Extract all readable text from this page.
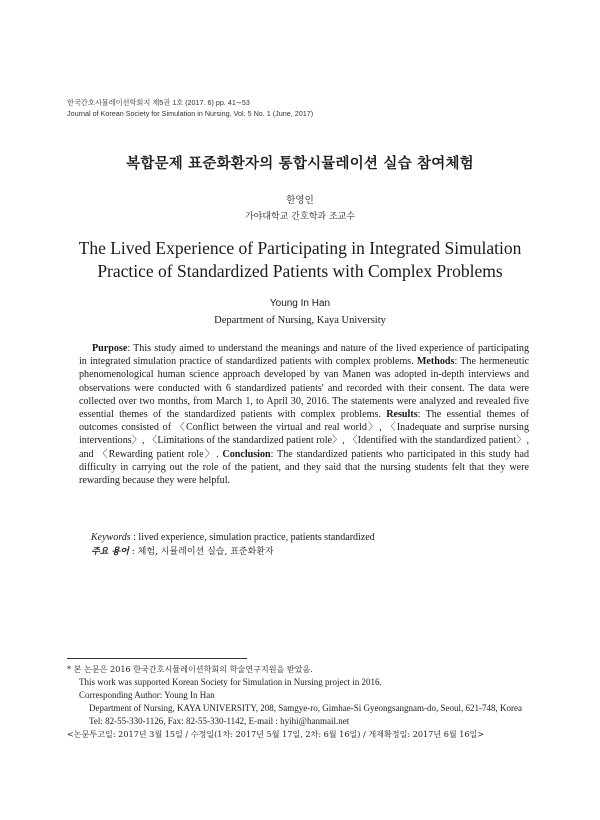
한국간호시뮬레이션학회지 제5권 1호 (2017. 6) pp. 41∼53
Journal of Korean Society for Simulation in Nursing, Vol. 5 No. 1 (June, 2017)
복합문제 표준화환자의 통합시뮬레이션 실습 참여체험
한영인
가야대학교 간호학과 조교수
The Lived Experience of Participating in Integrated Simulation
Practice of Standardized Patients with Complex Problems
Young In Han
Department of Nursing, Kaya University

Purpose: This study aimed to understand the meanings and nature of the lived experience of participating in integrated simulation practice of standardized patients with complex problems. Methods: The hermeneutic phenomenological human science approach developed by van Manen was adopted in-depth interviews and observations were conducted with 6 standardized patients' and recorded with their consent. The data were collected over two months, from March 1, to April 30, 2016. The statements were analyzed and revealed five essential themes of the standardized patients with complex problems. Results: The essential themes of outcomes consisted of 〈Conflict between the virtual and real world〉, 〈Inadequate and surprise nursing interventions〉, 〈Limitations of the standardized patient role〉, 〈Identified with the standardized patient〉, and 〈Rewarding patient role〉. Conclusion: The standardized patients who participated in this study had difficulty in carrying out the role of the patient, and they said that the nursing students felt that they were rewarding because they were helpful.

Keywords : lived experience, simulation practice, patients standardized
주요 용어 : 체험, 시뮬레이션 실습, 표준화환자
* 본 논문은 2016 한국간호시뮬레이션학회의 학술연구지원을 받았음.
This work was supported Korean Society for Simulation in Nursing project in 2016.
Corresponding Author: Young In Han
Department of Nursing, KAYA UNIVERSITY, 208, Samgye-ro, Gimhae-Si Gyeongsangnam-do, Seoul, 621-748, Korea
Tel: 82-55-330-1126, Fax: 82-55-330-1142, E-mail : hyihi@hanmail.net
<논문투고일: 2017년 3월 15일 / 수정일(1차: 2017년 5월 17일, 2차: 6월 16일) / 게재확정일: 2017년 6월 16일>
